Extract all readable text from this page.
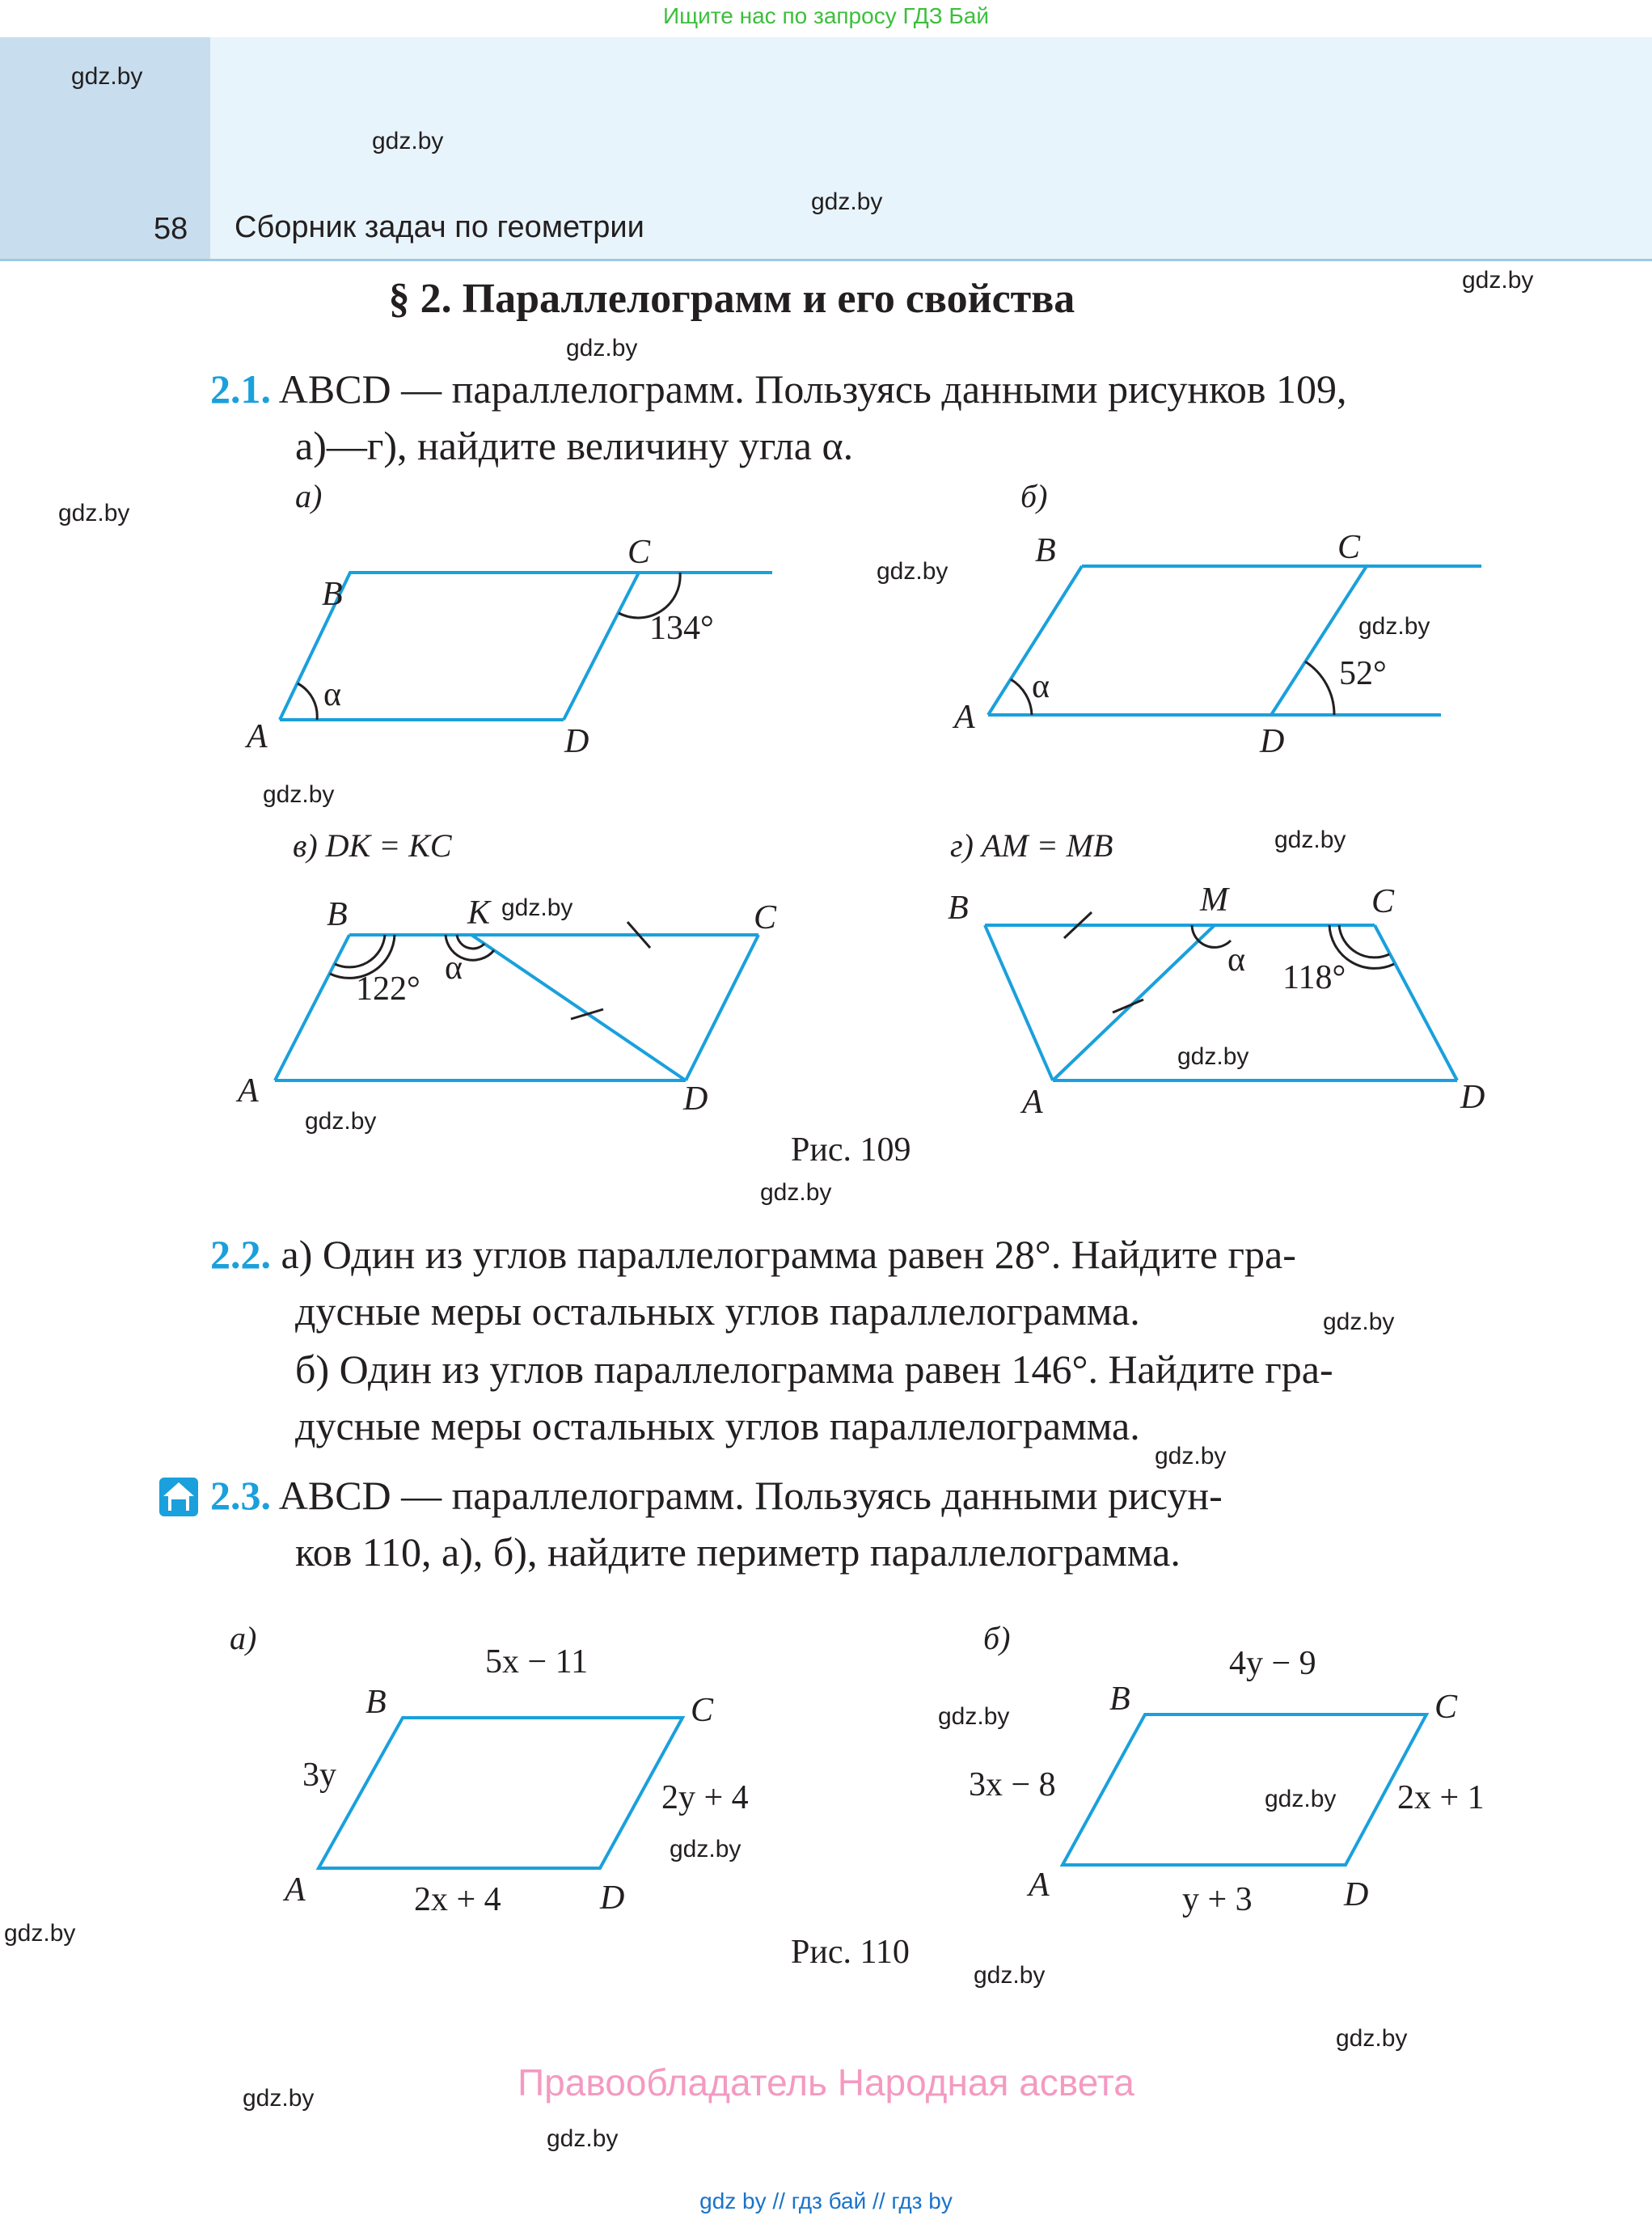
Ищите нас по запросу ГДЗ Бай
58 Сборник задач по геометрии
gdz.by
gdz.by
gdz.by
gdz.by
gdz.by
gdz.by
gdz.by
gdz.by
gdz.by
gdz.by
gdz.by
gdz.by
gdz.by
gdz.by
gdz.by
gdz.by
gdz.by
gdz.by
gdz.by
gdz.by
gdz.by
gdz.by
gdz.by
gdz.by
§ 2. Параллелограмм и его свойства
2.1. ABCD — параллелограмм. Пользуясь данными рисунков 109,
а)—г), найдите величину угла α.
а)	б)
в) DK = KC	г) AM = MB
B
C
A	D
α
134°
B	C
A
D
α	52°
B	K	C
A	D
α
122°
B	M	C
A	D
α 118°
Рис. 109
2.2. а) Один из углов параллелограмма равен 28°. Найдите гра-
дусные меры остальных углов параллелограмма.
б) Один из углов параллелограмма равен 146°. Найдите гра-
дусные меры остальных углов параллелограмма.
2.3. ABCD — параллелограмм. Пользуясь данными рисун-
ков 110, а), б), найдите периметр параллелограмма.
а)	б)
5x − 11
3y
2y + 4
2x + 4
B	C
A	D
4y − 9
3x − 8	2x + 1
y + 3
B	C
A	D
Рис. 110
Правообладатель Народная асвета
gdz by // гдз бай // гдз by
